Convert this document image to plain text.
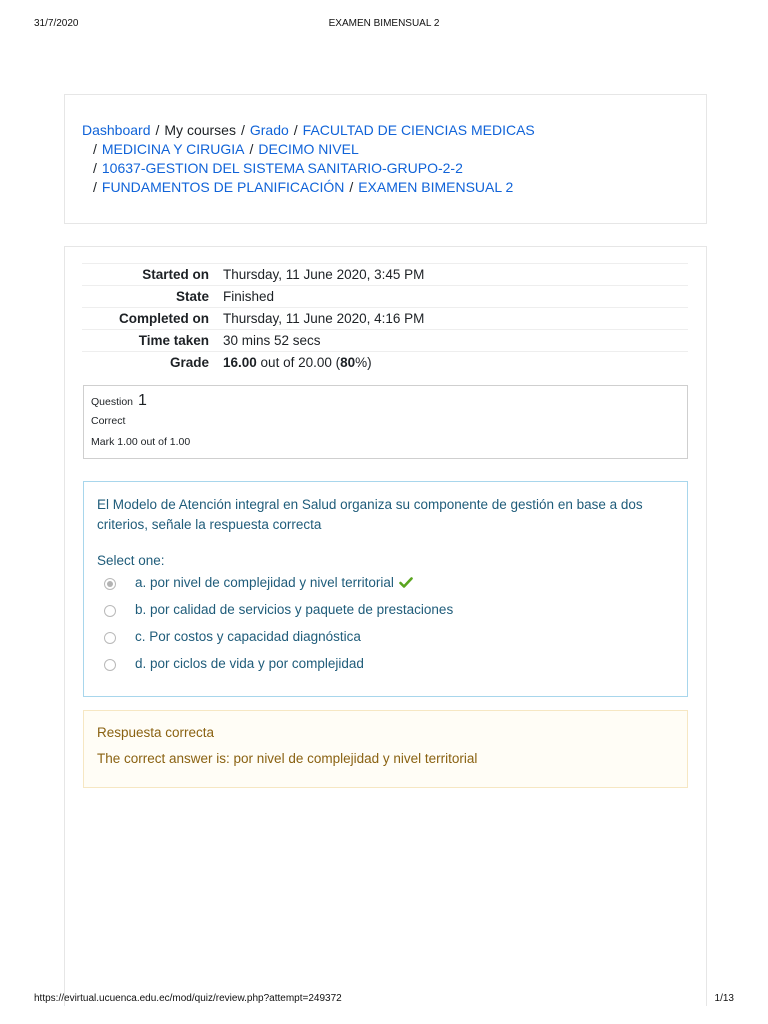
31/7/2020	EXAMEN BIMENSUAL 2
Dashboard / My courses / Grado / FACULTAD DE CIENCIAS MEDICAS
/ MEDICINA Y CIRUGIA / DECIMO NIVEL
/ 10637-GESTION DEL SISTEMA SANITARIO-GRUPO-2-2
/ FUNDAMENTOS DE PLANIFICACIÓN / EXAMEN BIMENSUAL 2
Started on	Thursday, 11 June 2020, 3:45 PM
State	Finished
Completed on	Thursday, 11 June 2020, 4:16 PM
Time taken	30 mins 52 secs
Grade	16.00 out of 20.00 (80%)
Question 1
Correct
Mark 1.00 out of 1.00
El Modelo de Atención integral en Salud organiza su componente de gestión en base a dos criterios, señale la respuesta correcta
Select one:
a. por nivel de complejidad y nivel territorial
b. por calidad de servicios y paquete de prestaciones
c. Por costos y capacidad diagnóstica
d. por ciclos de vida y por complejidad
Respuesta correcta
The correct answer is: por nivel de complejidad y nivel territorial
https://evirtual.ucuenca.edu.ec/mod/quiz/review.php?attempt=249372	1/13
